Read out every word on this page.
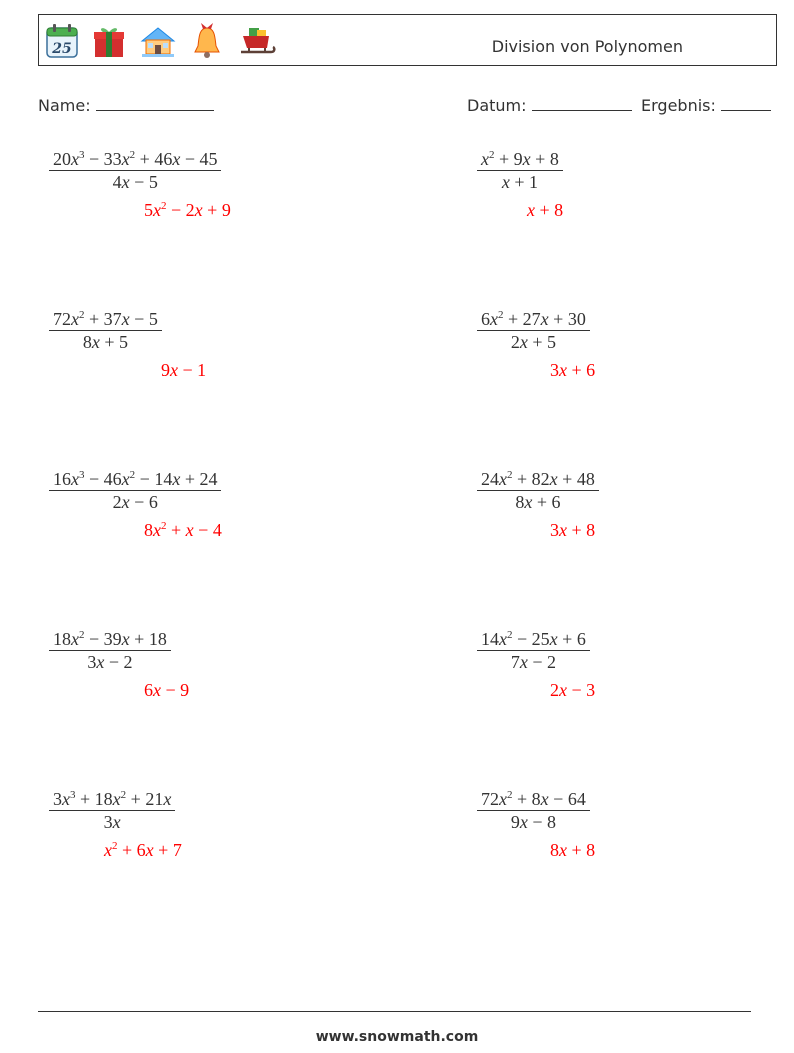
25	Division von Polynomen
Name:	Datum:	Ergebnis:
$\frac{20x^3 - 33x^2 + 46x - 45}{4x - 5}$
$5x^2 - 2x + 9$
$\frac{x^2 + 9x + 8}{x + 1}$
x + 8
$\frac{72x^2 + 37x - 5}{8x + 5}$
9x − 1
$\frac{6x^2 + 27x + 30}{2x + 5}$
3x + 6
$\frac{16x^3 - 46x^2 - 14x + 24}{2x - 6}$
$8x^2 + x - 4$
$\frac{24x^2 + 82x + 48}{8x + 6}$
3x + 8
$\frac{18x^2 - 39x + 18}{3x - 2}$
6x − 9
$\frac{14x^2 - 25x + 6}{7x - 2}$
2x − 3
$\frac{3x^3 + 18x^2 + 21x}{3x}$
$x^2 + 6x + 7$
$\frac{72x^2 + 8x - 64}{9x - 8}$
8x + 8
www.snowmath.com
